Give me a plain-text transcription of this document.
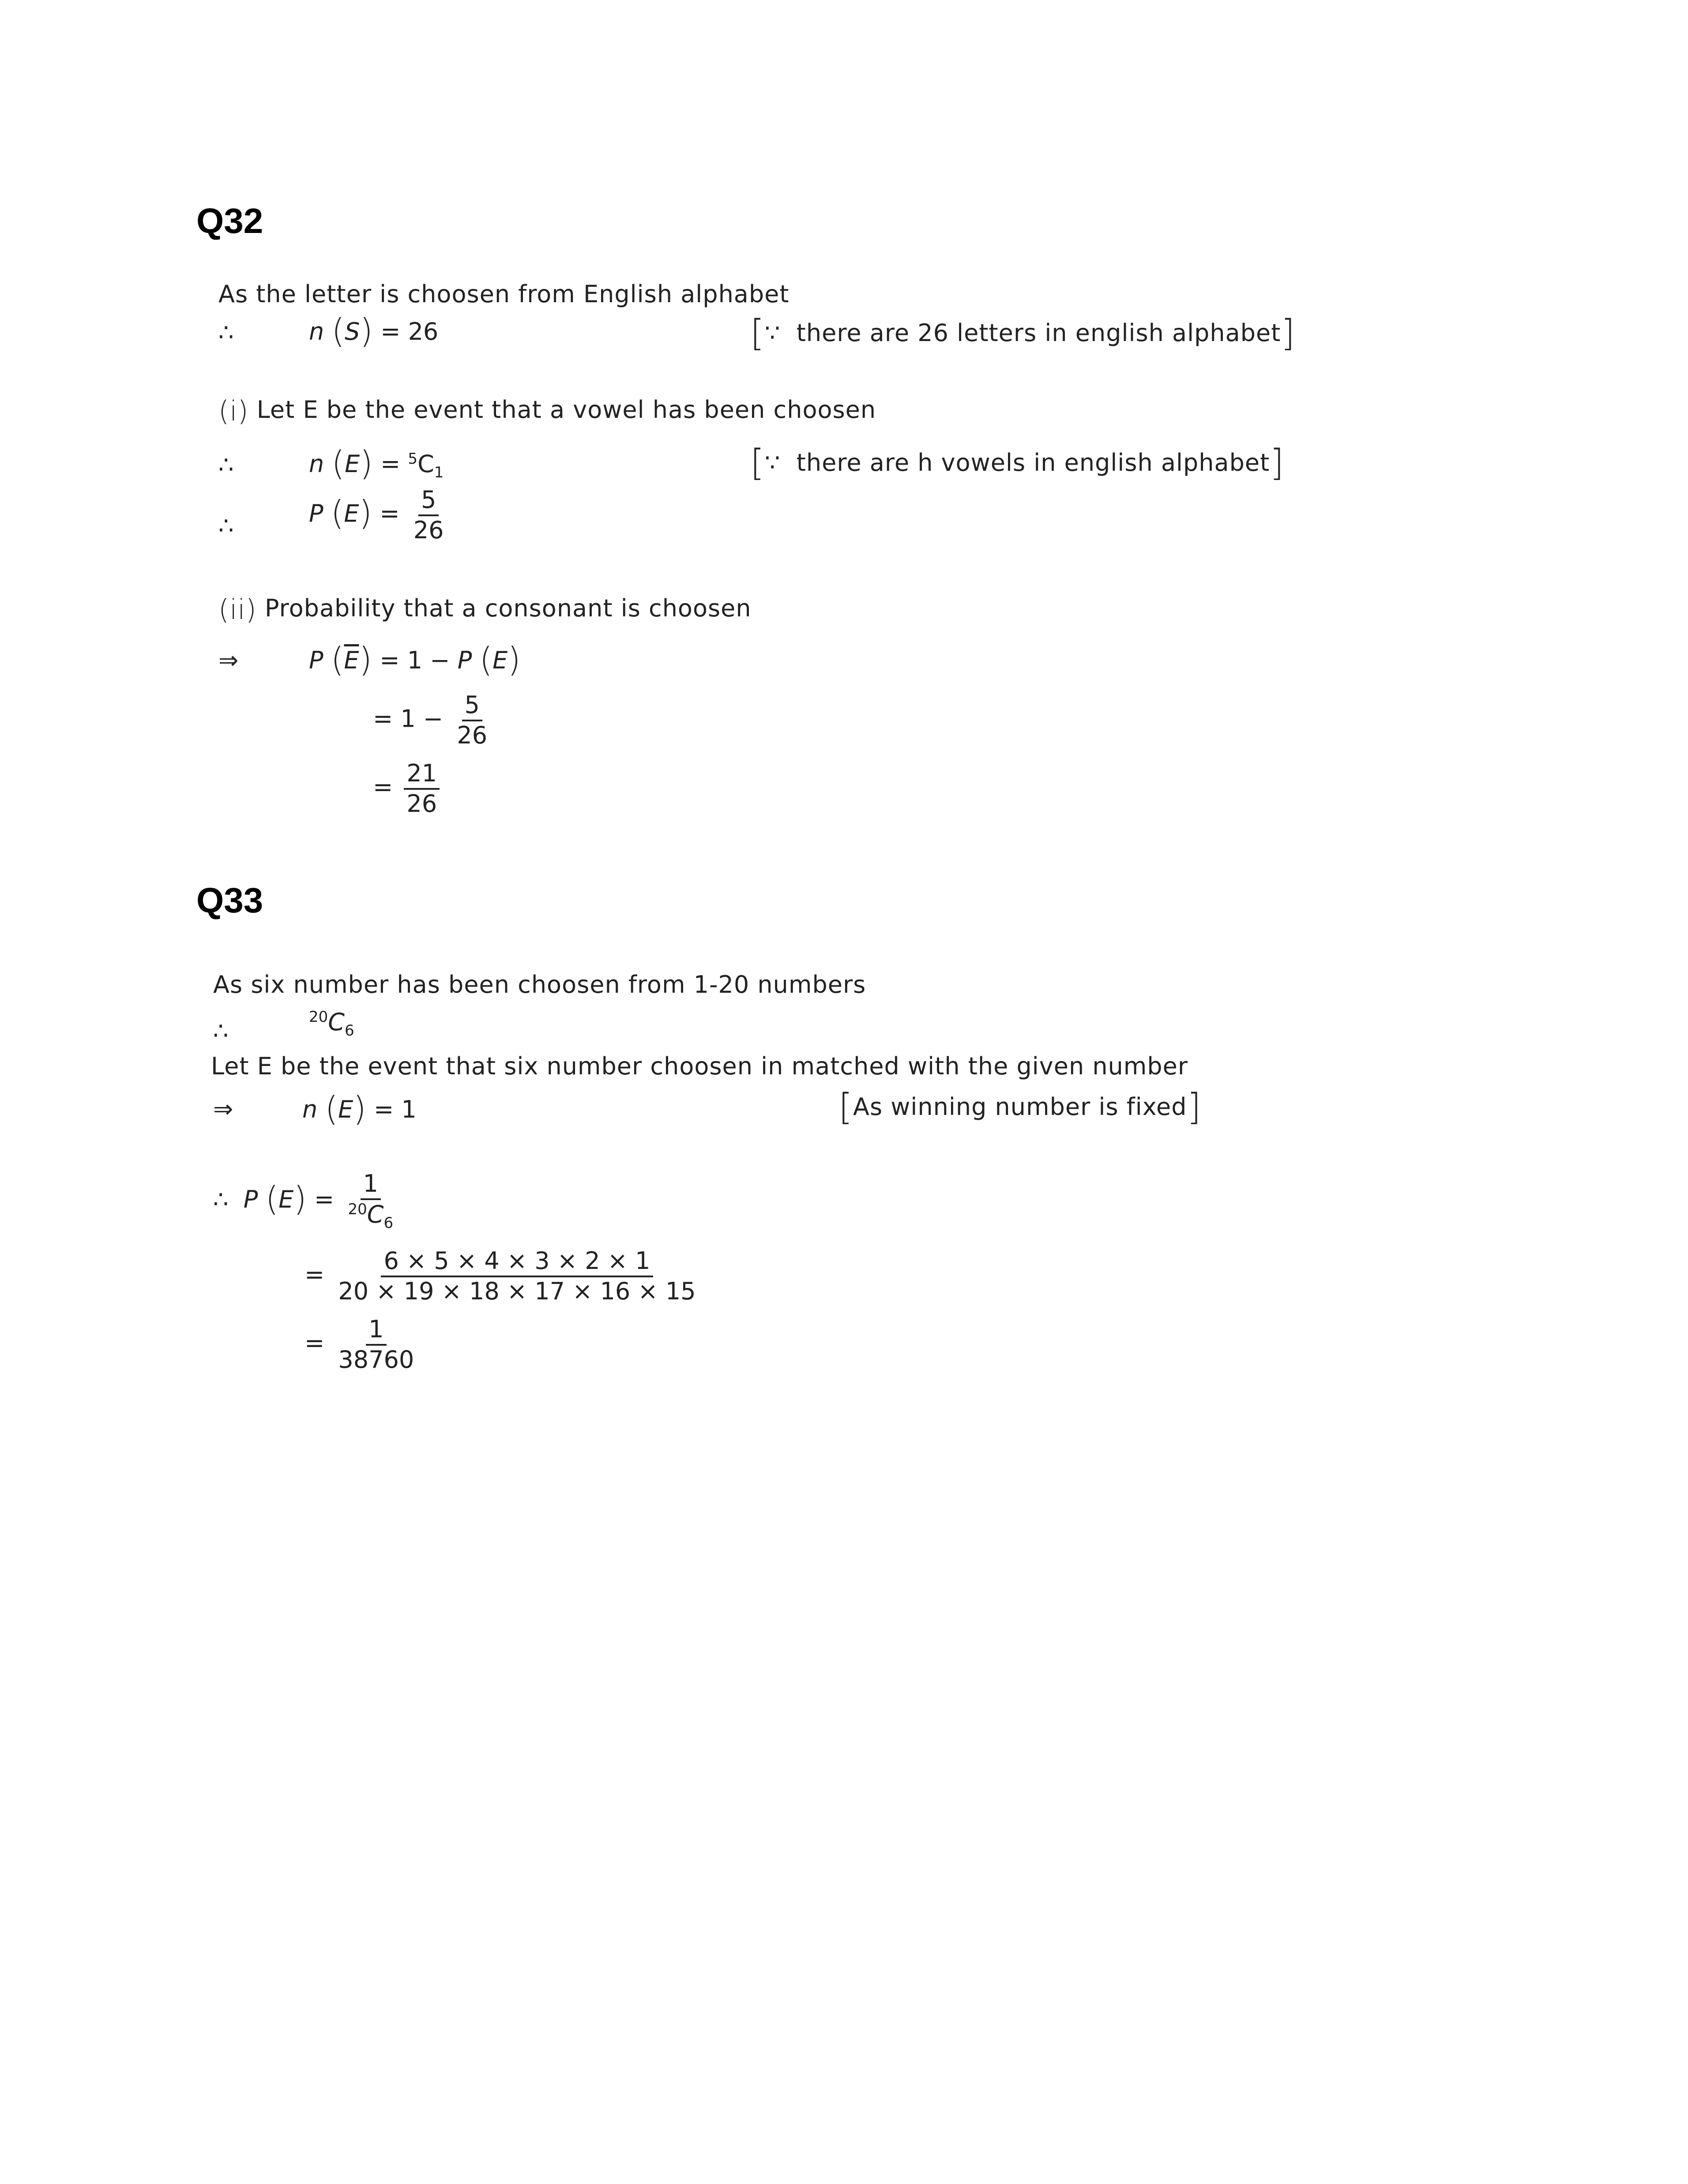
Q32
As the letter is choosen from English alphabet
∴	n (S) = 26	[∵ there are 26 letters in english alphabet]
(i) Let E be the event that a vowel has been choosen
∴	n $(E) = ^5C_1$	[∵ there are h vowels in english alphabet]
∴	P $(E) = \frac{5}{26}$
(ii) Probability that a consonant is choosen
⇒	P $(\overline{E}) = 1 - P$ (E)
= $1 - \frac{5}{26}$
= $\frac{21}{26}$
Q33
As six number has been choosen from 1-20 numbers
∴	$^{20}C_6$
Let E be the event that six number choosen in matched with the given number
⇒	n (E) = 1	[As winning number is fixed]
∴ P $(E) = \frac{1}{^{20}C_6}$
= $\frac{6 \times 5 \times 4 \times 3 \times 2 \times 1}{20 \times 19 \times 18 \times 17 \times 16 \times 15}$
= $\frac{1}{38760}$
